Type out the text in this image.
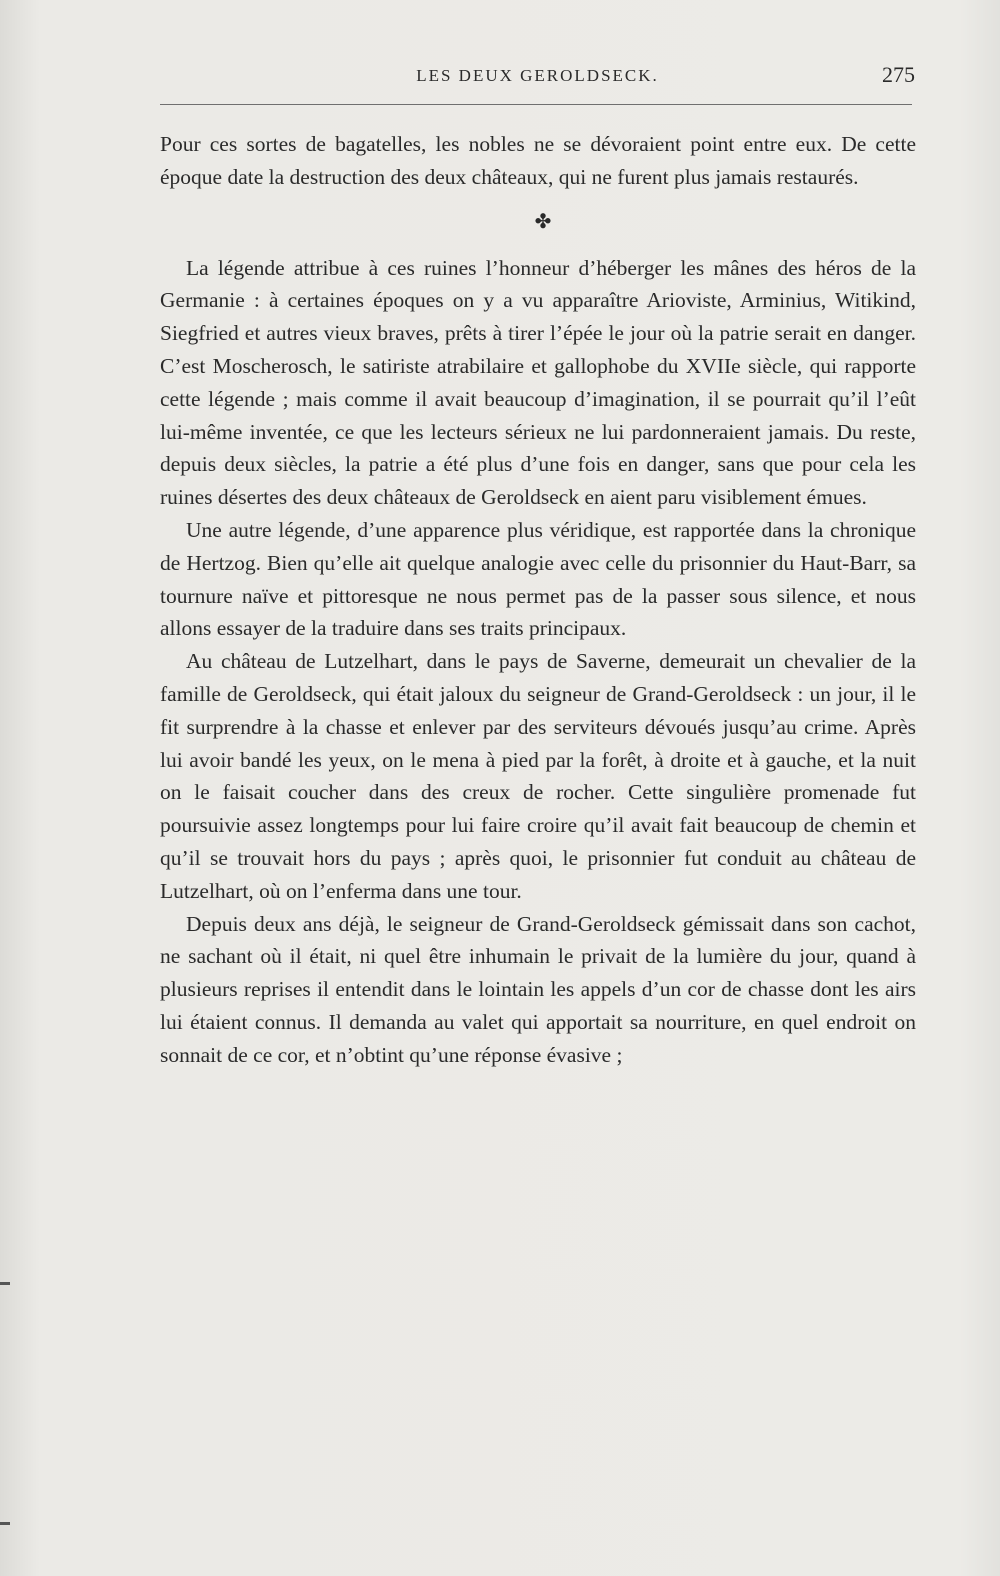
LES DEUX GEROLDSECK.	275

Pour ces sortes de bagatelles, les nobles ne se dévoraient point entre eux. De cette époque date la destruction des deux châteaux, qui ne furent plus jamais restaurés.

✤

La légende attribue à ces ruines l’honneur d’héberger les mânes des héros de la Germanie : à certaines époques on y a vu apparaître Arioviste, Arminius, Witikind, Siegfried et autres vieux braves, prêts à tirer l’épée le jour où la patrie serait en danger. C’est Moscherosch, le satiriste atrabilaire et gallophobe du XVIIe siècle, qui rapporte cette légende ; mais comme il avait beaucoup d’imagination, il se pourrait qu’il l’eût lui-même inventée, ce que les lecteurs sérieux ne lui pardonneraient jamais. Du reste, depuis deux siècles, la patrie a été plus d’une fois en danger, sans que pour cela les ruines désertes des deux châteaux de Geroldseck en aient paru visiblement émues.

Une autre légende, d’une apparence plus véridique, est rapportée dans la chronique de Hertzog. Bien qu’elle ait quelque analogie avec celle du prisonnier du Haut-Barr, sa tournure naïve et pittoresque ne nous permet pas de la passer sous silence, et nous allons essayer de la traduire dans ses traits principaux.

Au château de Lutzelhart, dans le pays de Saverne, demeurait un chevalier de la famille de Geroldseck, qui était jaloux du seigneur de Grand-Geroldseck : un jour, il le fit surprendre à la chasse et enlever par des serviteurs dévoués jusqu’au crime. Après lui avoir bandé les yeux, on le mena à pied par la forêt, à droite et à gauche, et la nuit on le faisait coucher dans des creux de rocher. Cette singulière promenade fut poursuivie assez longtemps pour lui faire croire qu’il avait fait beaucoup de chemin et qu’il se trouvait hors du pays ; après quoi, le prisonnier fut conduit au château de Lutzelhart, où on l’enferma dans une tour.

Depuis deux ans déjà, le seigneur de Grand-Geroldseck gémissait dans son cachot, ne sachant où il était, ni quel être inhumain le privait de la lumière du jour, quand à plusieurs reprises il entendit dans le lointain les appels d’un cor de chasse dont les airs lui étaient connus. Il demanda au valet qui apportait sa nourriture, en quel endroit on sonnait de ce cor, et n’obtint qu’une réponse évasive ;
